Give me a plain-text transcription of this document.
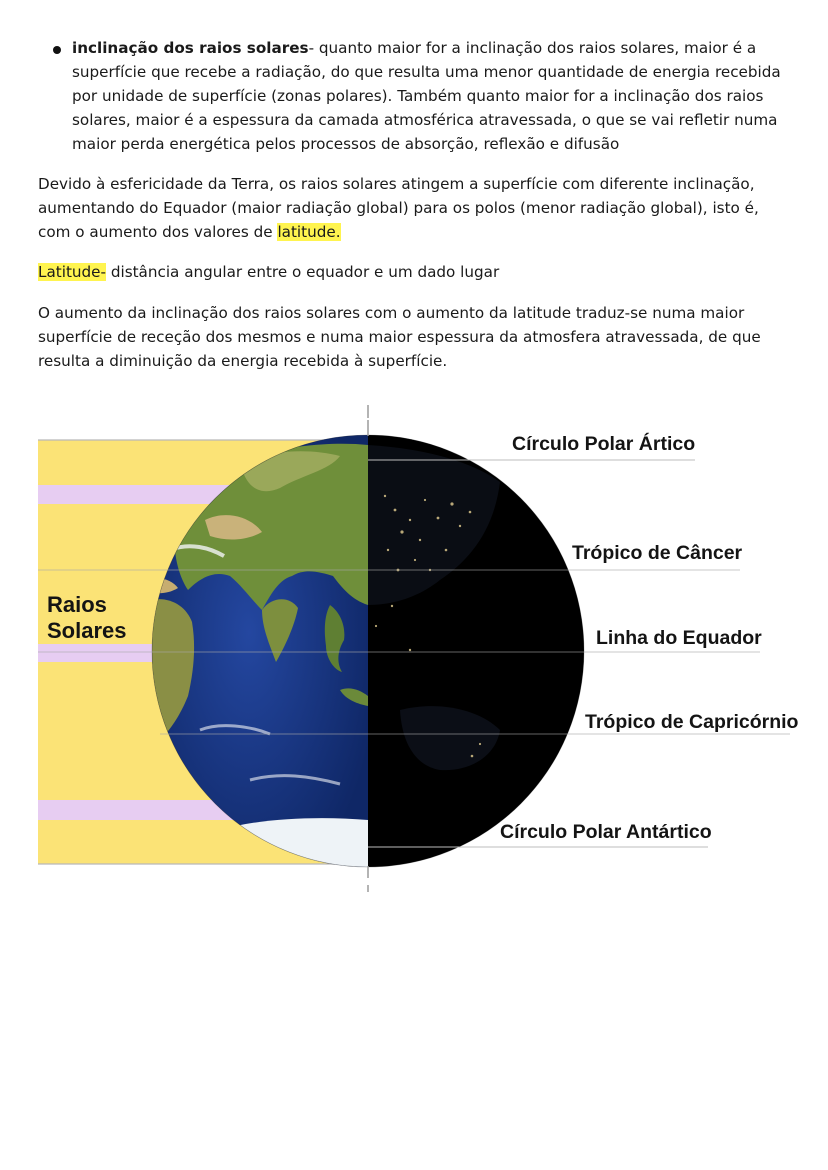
inclinação dos raios solares- quanto maior for a inclinação dos raios solares, maior é a superfície que recebe a radiação, do que resulta uma menor quantidade de energia recebida por unidade de superfície (zonas polares). Também quanto maior for a inclinação dos raios solares, maior é a espessura da camada atmosférica atravessada, o que se vai refletir numa maior perda energética pelos processos de absorção, reflexão e difusão

Devido à esfericidade da Terra, os raios solares atingem a superfície com diferente inclinação, aumentando do Equador (maior radiação global) para os polos (menor radiação global), isto é, com o aumento dos valores de latitude.

Latitude- distância angular entre o equador e um dado lugar

O aumento da inclinação dos raios solares com o aumento da latitude traduz-se numa maior superfície de receção dos mesmos e numa maior espessura da atmosfera atravessada, de que resulta a diminuição da energia recebida à superfície.

Raios
Solares
Círculo Polar Ártico
Trópico de Câncer
Linha do Equador
Trópico de Capricórnio
Círculo Polar Antártico
